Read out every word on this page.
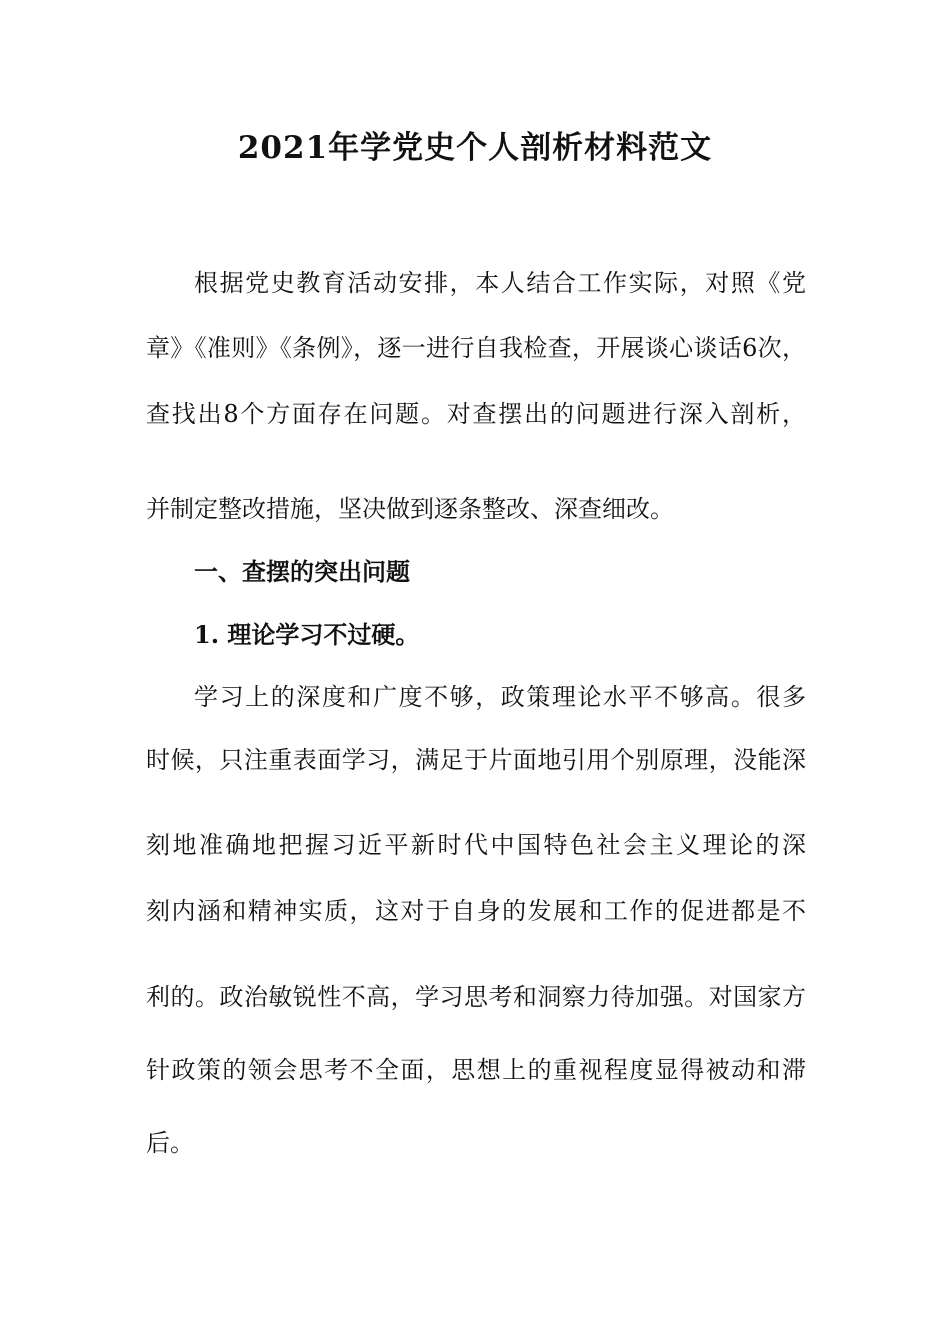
2021年学党史个人剖析材料范文
根据党史教育活动安排，本人结合工作实际，对照《党
章》《准则》《条例》，逐一进行自我检查，开展谈心谈话6次，
查找出8个方面存在问题。对查摆出的问题进行深入剖析，
并制定整改措施，坚决做到逐条整改、深查细改。
一、查摆的突出问题
1. 理论学习不过硬。
学习上的深度和广度不够，政策理论水平不够高。很多
时候，只注重表面学习，满足于片面地引用个别原理，没能深
刻地准确地把握习近平新时代中国特色社会主义理论的深
刻内涵和精神实质，这对于自身的发展和工作的促进都是不
利的。政治敏锐性不高，学习思考和洞察力待加强。对国家方
针政策的领会思考不全面，思想上的重视程度显得被动和滞
后。
